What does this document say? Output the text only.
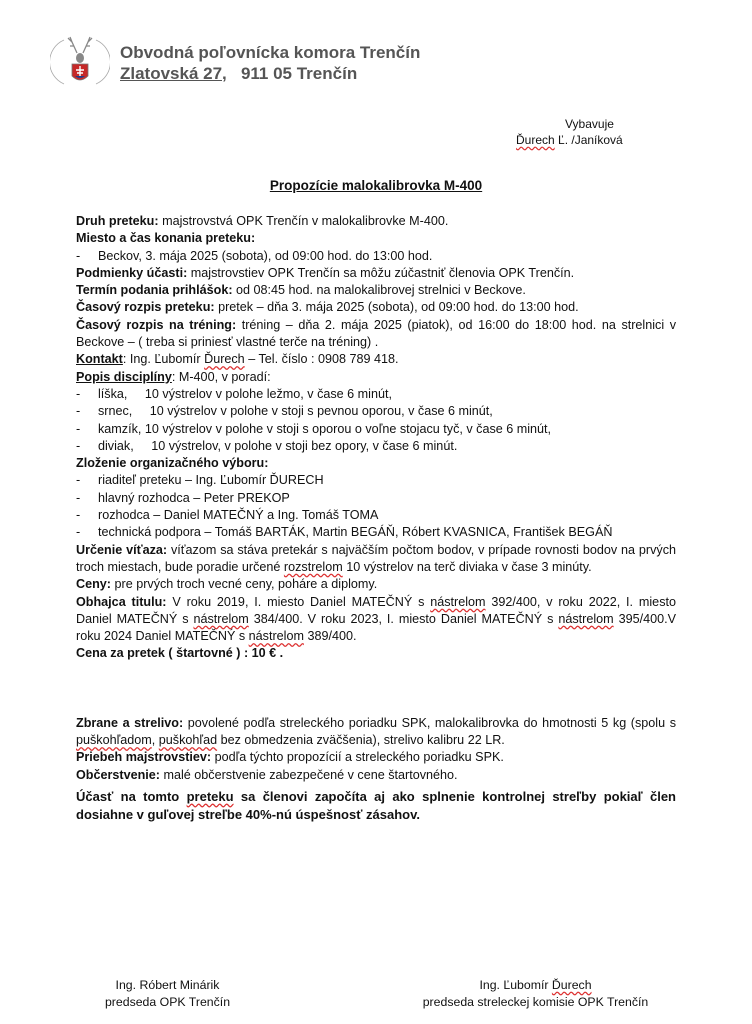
Obvodná poľovnícka komora Trenčín
Zlatovská 27, 911 05 Trenčín
Vybavuje
Ďurech Ľ. /Janíková
Propozície malokalibrovka M-400

Druh preteku: majstrovstvá OPK Trenčín v malokalibrovke M-400.

Miesto a čas konania preteku:

-	Beckov, 3. mája 2025 (sobota), od 09:00 hod. do 13:00 hod.

Podmienky účasti: majstrovstiev OPK Trenčín sa môžu zúčastniť členovia OPK Trenčín.

Termín podania prihlášok: od 08:45 hod. na malokalibrovej strelnici v Beckove.

Časový rozpis preteku: pretek – dňa 3. mája 2025 (sobota), od 09:00 hod. do 13:00 hod.

Časový rozpis na tréning: tréning – dňa 2. mája 2025 (piatok), od 16:00 do 18:00 hod. na strelnici v Beckove – ( treba si priniesť vlastné terče na tréning) .

Kontakt: Ing. Ľubomír Ďurech – Tel. číslo : 0908 789 418.

Popis disciplíny: M-400, v poradí:

-	líška,     10 výstrelov v polohe ležmo, v čase 6 minút,
-	srnec,     10 výstrelov v polohe v stoji s pevnou oporou, v čase 6 minút,
-	kamzík, 10 výstrelov v polohe v stoji s oporou o voľne stojacu tyč, v čase 6 minút,
-	diviak,     10 výstrelov, v polohe v stoji bez opory, v čase 6 minút.

Zloženie organizačného výboru:

-	riaditeľ preteku – Ing. Ľubomír ĎURECH
-	hlavný rozhodca – Peter PREKOP
-	rozhodca – Daniel MATEČNÝ a Ing. Tomáš TOMA
-	technická podpora – Tomáš BARTÁK, Martin BEGÁŇ, Róbert KVASNICA, František BEGÁŇ

Určenie víťaza: víťazom sa stáva pretekár s najväčším počtom bodov, v prípade rovnosti bodov na prvých troch miestach, bude poradie určené rozstrelom 10 výstrelov na terč diviaka v čase 3 minúty.

Ceny: pre prvých troch vecné ceny, poháre a diplomy.

Obhajca titulu: V roku 2019, I. miesto Daniel MATEČNÝ s nástrelom 392/400, v roku 2022, I. miesto Daniel MATEČNÝ s nástrelom 384/400. V roku 2023, I. miesto Daniel MATEČNÝ s nástrelom 395/400.V roku 2024 Daniel MATEČNÝ s nástrelom 389/400.

Cena za pretek ( štartovné ) : 10 € .

Zbrane a strelivo: povolené podľa streleckého poriadku SPK, malokalibrovka do hmotnosti 5 kg (spolu s puškohľadom, puškohľad bez obmedzenia zväčšenia), strelivo kalibru 22 LR.

Priebeh majstrovstiev: podľa týchto propozícií a streleckého poriadku SPK.

Občerstvenie: malé občerstvenie zabezpečené v cene štartovného.

Účasť na tomto preteku sa členovi započíta aj ako splnenie kontrolnej streľby pokiaľ člen dosiahne v guľovej streľbe 40%-nú úspešnosť zásahov.

Ing. Róbert Minárik
predseda OPK Trenčín
Ing. Ľubomír Ďurech
predseda streleckej komisie OPK Trenčín
